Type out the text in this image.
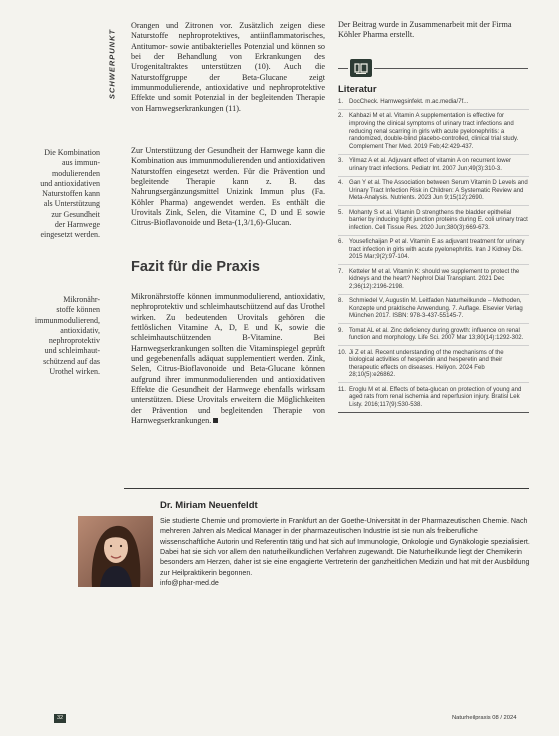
SCHWERPUNKT
Die Kombination
aus immun-
modulierenden
und antioxidativen
Naturstoffen kann
als Unterstützung
zur Gesundheit
der Harnwege
eingesetzt werden.
Mikronähr-
stoffe können
immunmodulierend,
antioxidativ,
nephroprotektiv
und schleimhaut-
schützend auf das
Urothel wirken.

Orangen und Zitronen vor. Zusätzlich zeigen diese Naturstoffe nephroprotektives, antiinflammatorisches, Antitumor- sowie antibakterielles Potenzial und können so bei der Behandlung von Erkrankungen des Urogenitaltraktes unterstützen (10). Auch die Naturstoffgruppe der Beta-Glucane zeigt immunmodulierende, antioxidative und nephroprotektive Effekte und somit Potenzial in der begleitenden Therapie von Harnwegserkrankungen (11).

Zur Unterstützung der Gesundheit der Harnwege kann die Kombination aus immunmodulierenden und antioxidativen Naturstoffen eingesetzt werden. Für die Prävention und begleitende Therapie kann z. B. das Nahrungsergänzungsmittel Unizink Immun plus (Fa. Köhler Pharma) angewendet werden. Es enthält die Urovitals Zink, Selen, die Vitamine C, D und E sowie Citrus-Bioflavonoide und Beta-(1,3/1,6)-Glucan.

Fazit für die Praxis

Mikronährstoffe können immunmodulierend, antioxidativ, nephroprotektiv und schleimhautschützend auf das Urothel wirken. Zu bedeutenden Urovitals gehören die fettlöslichen Vitamine A, D, E und K, sowie die schleimhautschützenden B-Vitamine. Bei Harnwegserkrankungen sollten die Vitaminspiegel geprüft und gegebenenfalls adäquat supplementiert werden. Zink, Selen, Citrus-Bioflavonoide und Beta-Glucane können aufgrund ihrer immunmodulierenden und antioxidativen Effekte die Gesundheit der Harnwege ebenfalls wirksam unterstützen. Diese Urovitals erweitern die Möglichkeiten der Prävention und begleitenden Therapie von Harnwegserkrankungen.

Der Beitrag wurde in Zusammenarbeit mit der Firma Köhler Pharma erstellt.
Literatur
1. DocCheck. Harnwegsinfekt. m.ac.media/7f...
2. Kahbazi M et al. Vitamin A supplementation is effective for improving the clinical symptoms of urinary tract infections and reducing renal scarring in girls with acute pyelonephritis: a randomized, double-blind placebo-controlled, clinical trial study. Complement Ther Med. 2019 Feb;42:429-437.
3. Yilmaz A et al. Adjuvant effect of vitamin A on recurrent lower urinary tract infections. Pediatr Int. 2007 Jun;49(3):310-3.
4. Gan Y et al. The Association between Serum Vitamin D Levels and Urinary Tract Infection Risk in Children: A Systematic Review and Meta-Analysis. Nutrients. 2023 Jun 9;15(12):2690.
5. Mohanty S et al. Vitamin D strengthens the bladder epithelial barrier by inducing tight junction proteins during E. coli urinary tract infection. Cell Tissue Res. 2020 Jun;380(3):669-673.
6. Yousefichaijan P et al. Vitamin E as adjuvant treatment for urinary tract infection in girls with acute pyelonephritis. Iran J Kidney Dis. 2015 Mar;9(2):97-104.
7. Ketteler M et al. Vitamin K: should we supplement to protect the kidneys and the heart? Nephrol Dial Transplant. 2021 Dec 2;36(12):2196-2198.
8. Schmiedel V, Augustin M. Leitfaden Naturheilkunde – Methoden, Konzepte und praktische Anwendung. 7. Auflage. Elsevier Verlag München 2017. ISBN: 978-3-437-55145-7.
9. Tomat AL et al. Zinc deficiency during growth: influence on renal function and morphology. Life Sci. 2007 Mar 13;80(14):1292-302.
10. Ji Z et al. Recent understanding of the mechanisms of the biological activities of hesperidin and hesperetin and their therapeutic effects on diseases. Heliyon. 2024 Feb 28;10(5):e26862.
11. Eroglu M et al. Effects of beta-glucan on protection of young and aged rats from renal ischemia and reperfusion injury. Bratisl Lek Listy. 2016;117(9):530-538.
Dr. Miriam Neuenfeldt

Sie studierte Chemie und promovierte in Frankfurt an der Goethe-Universität in der Pharmazeutischen Chemie. Nach mehreren Jahren als Medical Manager in der pharmazeutischen Industrie ist sie nun als freiberufliche wissenschaftliche Autorin und Referentin tätig und hat sich auf Immunologie, Onkologie und Gynäkologie spezialisiert. Dabei hat sie sich vor allem den naturheilkundlichen Verfahren zugewandt. Die Naturheilkunde liegt der Chemikerin besonders am Herzen, daher ist sie eine engagierte Vertreterin der ganzheitlichen Medizin und hat mit der Ausbildung zur Heilpraktikerin begonnen.

info@phar-med.de

32	Naturheilpraxis 08 / 2024
